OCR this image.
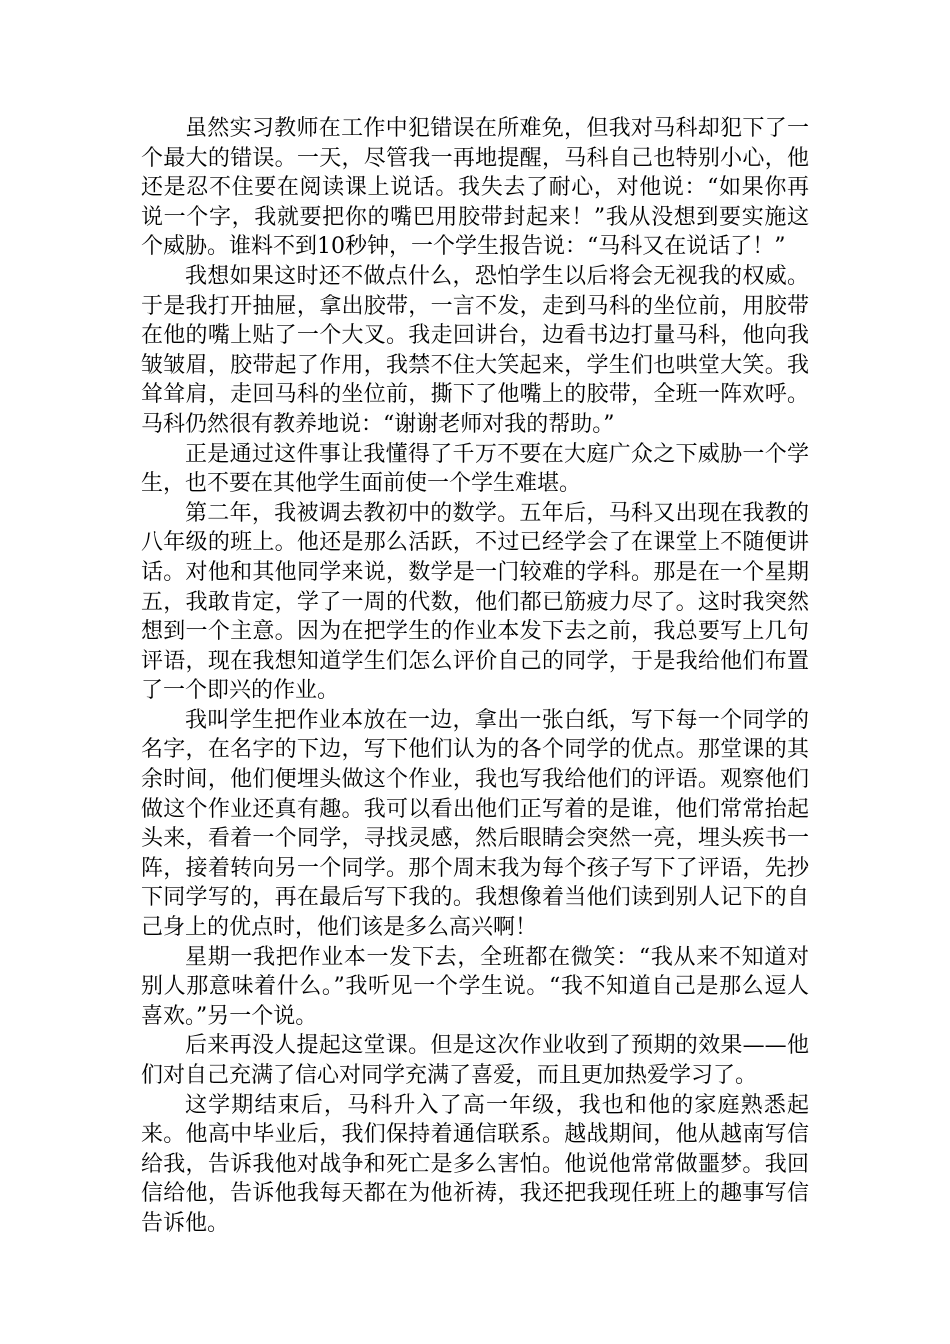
虽然实习教师在工作中犯错误在所难免，但我对马科却犯下了一个最大的错误。一天，尽管我一再地提醒，马科自己也特别小心，他还是忍不住要在阅读课上说话。我失去了耐心，对他说：“如果你再说一个字，我就要把你的嘴巴用胶带封起来！”我从没想到要实施这个威胁。谁料不到10秒钟，一个学生报告说：“马科又在说话了！”

我想如果这时还不做点什么，恐怕学生以后将会无视我的权威。于是我打开抽屉，拿出胶带，一言不发，走到马科的坐位前，用胶带在他的嘴上贴了一个大叉。我走回讲台，边看书边打量马科，他向我皱皱眉，胶带起了作用，我禁不住大笑起来，学生们也哄堂大笑。我耸耸肩，走回马科的坐位前，撕下了他嘴上的胶带，全班一阵欢呼。马科仍然很有教养地说：“谢谢老师对我的帮助。”

正是通过这件事让我懂得了千万不要在大庭广众之下威胁一个学生，也不要在其他学生面前使一个学生难堪。

第二年，我被调去教初中的数学。五年后，马科又出现在我教的八年级的班上。他还是那么活跃，不过已经学会了在课堂上不随便讲话。对他和其他同学来说，数学是一门较难的学科。那是在一个星期五，我敢肯定，学了一周的代数，他们都已筋疲力尽了。这时我突然想到一个主意。因为在把学生的作业本发下去之前，我总要写上几句评语，现在我想知道学生们怎么评价自己的同学，于是我给他们布置了一个即兴的作业。

我叫学生把作业本放在一边，拿出一张白纸，写下每一个同学的名字，在名字的下边，写下他们认为的各个同学的优点。那堂课的其余时间，他们便埋头做这个作业，我也写我给他们的评语。观察他们做这个作业还真有趣。我可以看出他们正写着的是谁，他们常常抬起头来，看着一个同学，寻找灵感，然后眼睛会突然一亮，埋头疾书一阵，接着转向另一个同学。那个周末我为每个孩子写下了评语，先抄下同学写的，再在最后写下我的。我想像着当他们读到别人记下的自己身上的优点时，他们该是多么高兴啊！

星期一我把作业本一发下去，全班都在微笑：“我从来不知道对别人那意味着什么。”我听见一个学生说。“我不知道自己是那么逗人喜欢。”另一个说。

后来再没人提起这堂课。但是这次作业收到了预期的效果——他们对自己充满了信心对同学充满了喜爱，而且更加热爱学习了。

这学期结束后，马科升入了高一年级，我也和他的家庭熟悉起来。他高中毕业后，我们保持着通信联系。越战期间，他从越南写信给我，告诉我他对战争和死亡是多么害怕。他说他常常做噩梦。我回信给他，告诉他我每天都在为他祈祷，我还把我现任班上的趣事写信告诉他。
